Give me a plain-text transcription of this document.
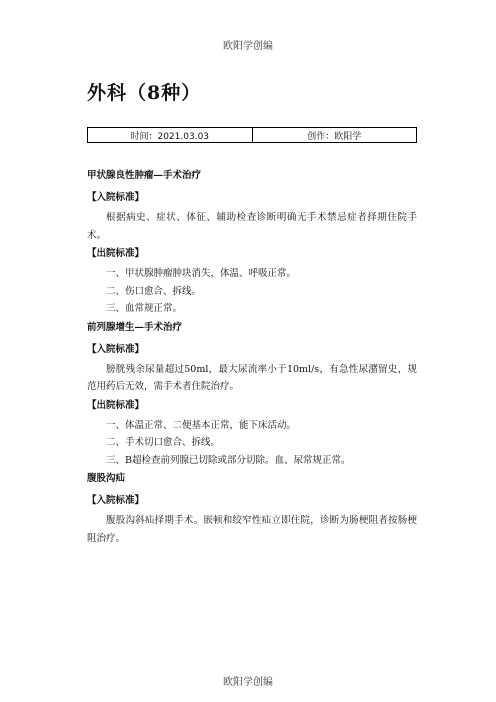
欧阳学创编
外科（8种）
时间：2021.03.03	创作：欧阳学
甲状腺良性肿瘤—手术治疗
【入院标准】

根据病史、症状、体征、辅助检查诊断明确无手术禁忌症者择期住院手术。

【出院标准】

一、甲状腺肿瘤肿块消失，体温、呼吸正常。

二、伤口愈合、拆线。

三、血常规正常。

前列腺增生—手术治疗
【入院标准】

膀胱残余尿量超过50ml，最大尿流率小于10ml/s，有急性尿潴留史，规范用药后无效，需手术者住院治疗。

【出院标准】

一、体温正常、二便基本正常，能下床活动。

二、手术切口愈合、拆线。

三、B超检查前列腺已切除或部分切除。血、尿常规正常。

腹股沟疝
【入院标准】

腹股沟斜疝择期手术。嵌顿和绞窄性疝立即住院，诊断为肠梗阻者按肠梗阻治疗。

欧阳学创编
